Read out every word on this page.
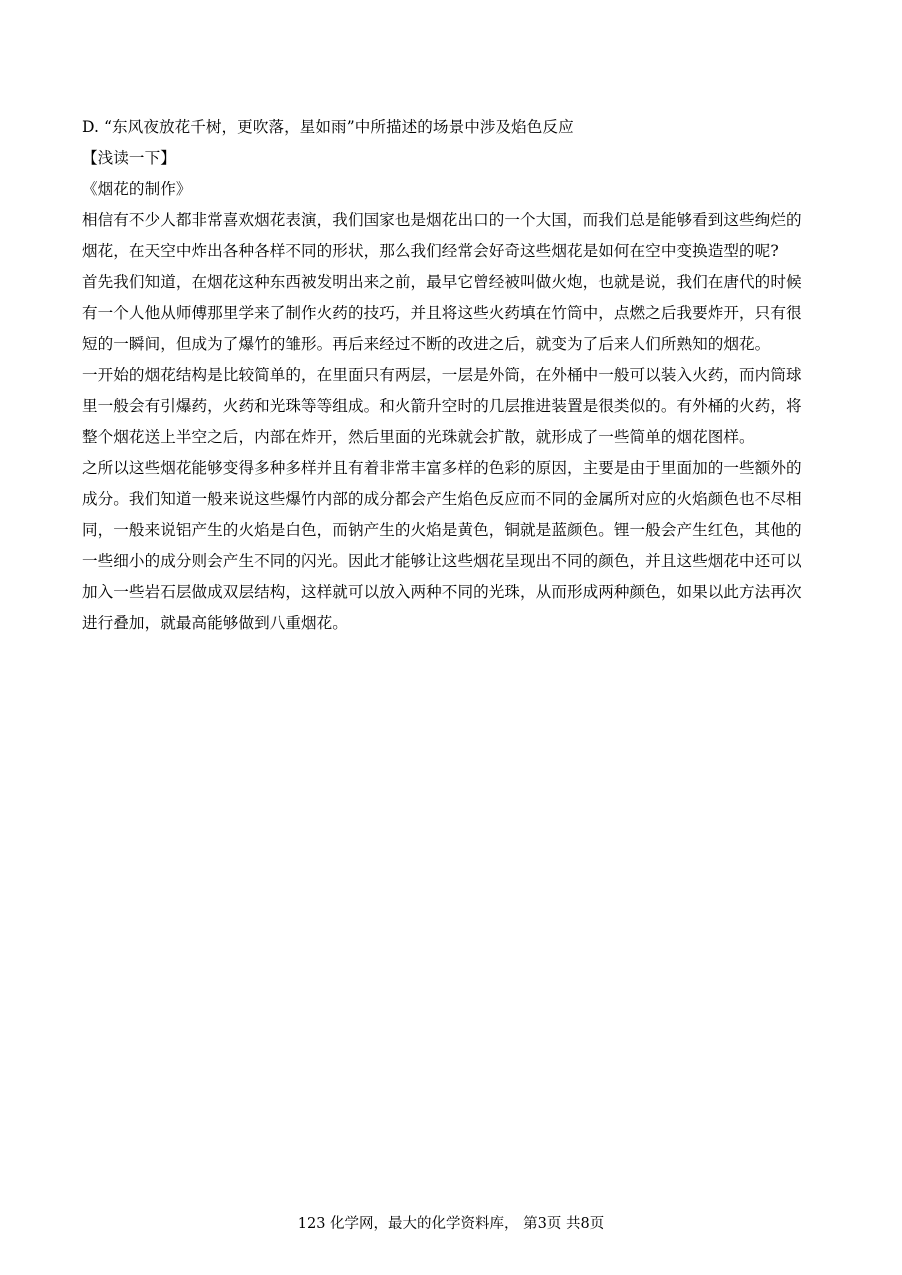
D. “东风夜放花千树，更吹落，星如雨”中所描述的场景中涉及焰色反应
【浅读一下】
《烟花的制作》
相信有不少人都非常喜欢烟花表演，我们国家也是烟花出口的一个大国，而我们总是能够看到这些绚烂的
烟花，在天空中炸出各种各样不同的形状，那么我们经常会好奇这些烟花是如何在空中变换造型的呢?
首先我们知道，在烟花这种东西被发明出来之前，最早它曾经被叫做火炮，也就是说，我们在唐代的时候
有一个人他从师傅那里学来了制作火药的技巧，并且将这些火药填在竹筒中，点燃之后我要炸开，只有很
短的一瞬间，但成为了爆竹的雏形。再后来经过不断的改进之后，就变为了后来人们所熟知的烟花。
一开始的烟花结构是比较简单的，在里面只有两层，一层是外筒，在外桶中一般可以装入火药，而内筒球
里一般会有引爆药，火药和光珠等等组成。和火箭升空时的几层推进装置是很类似的。有外桶的火药，将
整个烟花送上半空之后，内部在炸开，然后里面的光珠就会扩散，就形成了一些简单的烟花图样。
之所以这些烟花能够变得多种多样并且有着非常丰富多样的色彩的原因，主要是由于里面加的一些额外的
成分。我们知道一般来说这些爆竹内部的成分都会产生焰色反应而不同的金属所对应的火焰颜色也不尽相
同，一般来说铝产生的火焰是白色，而钠产生的火焰是黄色，铜就是蓝颜色。锂一般会产生红色，其他的
一些细小的成分则会产生不同的闪光。因此才能够让这些烟花呈现出不同的颜色，并且这些烟花中还可以
加入一些岩石层做成双层结构，这样就可以放入两种不同的光珠，从而形成两种颜色，如果以此方法再次
进行叠加，就最高能够做到八重烟花。
123 化学网，最大的化学资料库， 第3页 共8页
